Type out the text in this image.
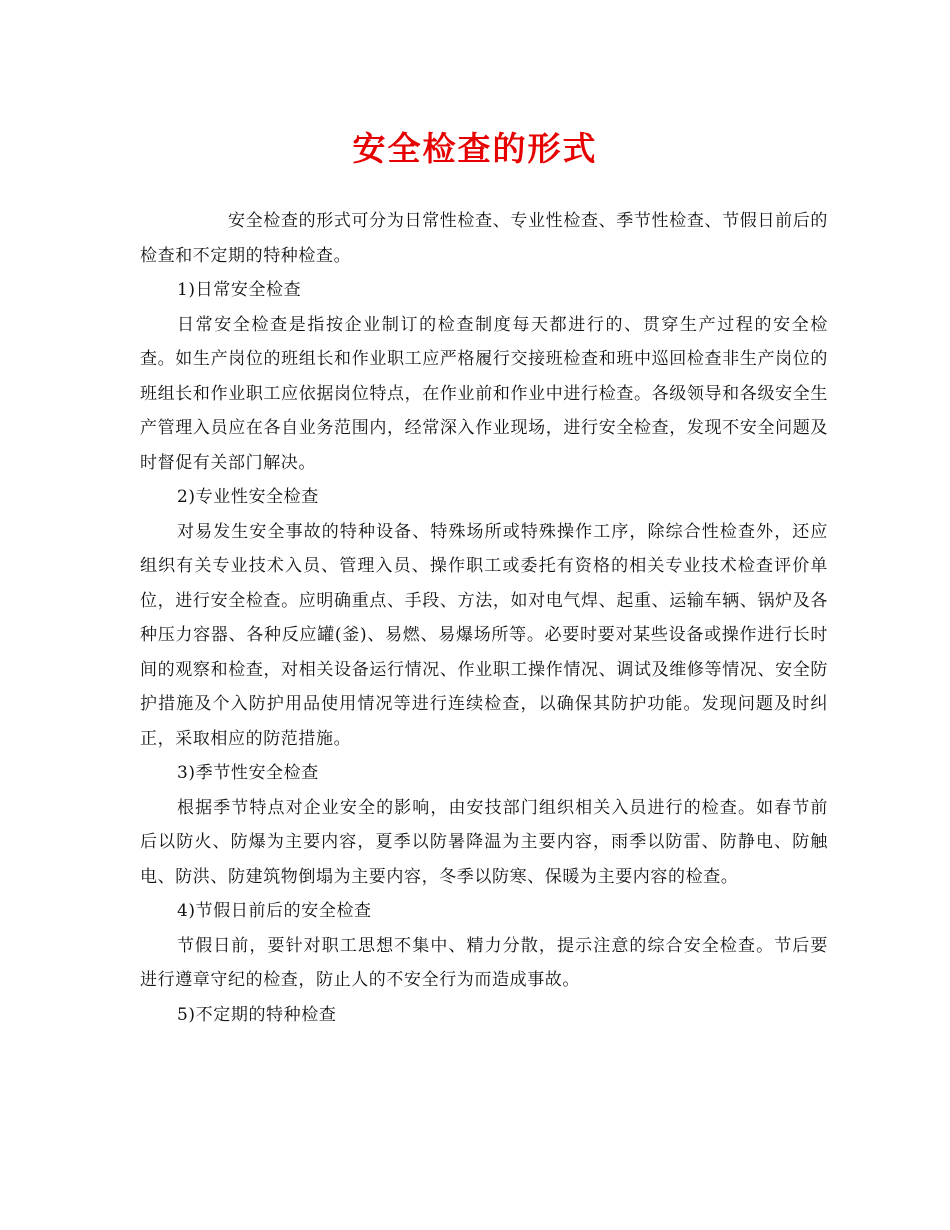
安全检查的形式

安全检查的形式可分为日常性检查、专业性检查、季节性检查、节假日前后的检查和不定期的特种检查。

1)日常安全检查

日常安全检查是指按企业制订的检查制度每天都进行的、贯穿生产过程的安全检查。如生产岗位的班组长和作业职工应严格履行交接班检查和班中巡回检查非生产岗位的班组长和作业职工应依据岗位特点，在作业前和作业中进行检查。各级领导和各级安全生产管理入员应在各自业务范围内，经常深入作业现场，进行安全检查，发现不安全问题及时督促有关部门解决。

2)专业性安全检查

对易发生安全事故的特种设备、特殊场所或特殊操作工序，除综合性检查外，还应组织有关专业技术入员、管理入员、操作职工或委托有资格的相关专业技术检查评价单位，进行安全检查。应明确重点、手段、方法，如对电气焊、起重、运输车辆、锅炉及各种压力容器、各种反应罐(釜)、易燃、易爆场所等。必要时要对某些设备或操作进行长时间的观察和检查，对相关设备运行情况、作业职工操作情况、调试及维修等情况、安全防护措施及个入防护用品使用情况等进行连续检查，以确保其防护功能。发现问题及时纠正，采取相应的防范措施。

3)季节性安全检查

根据季节特点对企业安全的影响，由安技部门组织相关入员进行的检查。如春节前后以防火、防爆为主要内容，夏季以防暑降温为主要内容，雨季以防雷、防静电、防触电、防洪、防建筑物倒塌为主要内容，冬季以防寒、保暖为主要内容的检查。

4)节假日前后的安全检查

节假日前，要针对职工思想不集中、精力分散，提示注意的综合安全检查。节后要进行遵章守纪的检查，防止人的不安全行为而造成事故。

5)不定期的特种检查
